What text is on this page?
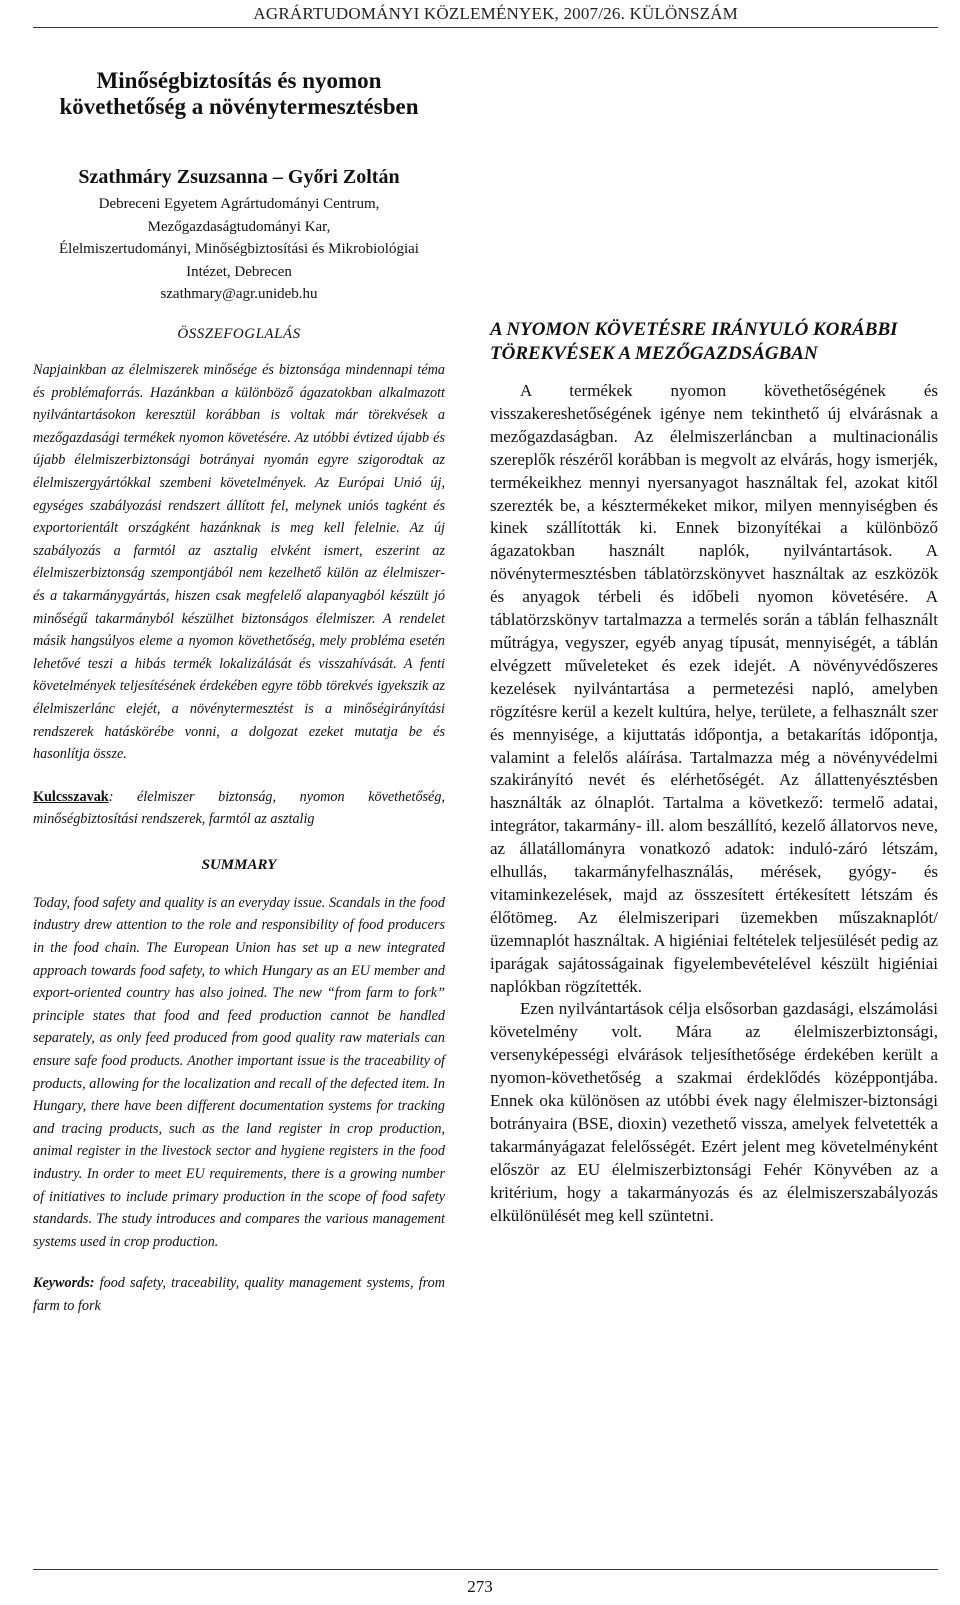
AGRÁRTUDOMÁNYI KÖZLEMÉNYEK, 2007/26. KÜLÖNSZÁM
Minőségbiztosítás és nyomon követhetőség a növénytermesztésben
Szathmáry Zsuzsanna – Győri Zoltán
Debreceni Egyetem Agrártudományi Centrum,
Mezőgazdaságtudományi Kar,
Élelmiszertudományi, Minőségbiztosítási és Mikrobiológiai
Intézet, Debrecen
szathmary@agr.unideb.hu
ÖSSZEFOGLALÁS

Napjainkban az élelmiszerek minősége és biztonsága mindennapi téma és problémaforrás. Hazánkban a különböző ágazatokban alkalmazott nyilvántartásokon keresztül korábban is voltak már törekvések a mezőgazdasági termékek nyomon követésére. Az utóbbi évtized újabb és újabb élelmiszerbiztonsági botrányai nyomán egyre szigorodtak az élelmiszergyártókkal szembeni követelmények. Az Európai Unió új, egységes szabályozási rendszert állított fel, melynek uniós tagként és exportorientált országként hazánknak is meg kell felelnie. Az új szabályozás a farmtól az asztalig elvként ismert, eszerint az élelmiszerbiztonság szempontjából nem kezelhető külön az élelmiszer- és a takarmánygyártás, hiszen csak megfelelő alapanyagból készült jó minőségű takarmányból készülhet biztonságos élelmiszer. A rendelet másik hangsúlyos eleme a nyomon követhetőség, mely probléma esetén lehetővé teszi a hibás termék lokalizálását és visszahívását. A fenti követelmények teljesítésének érdekében egyre több törekvés igyekszik az élelmiszerlánc elejét, a növénytermesztést is a minőségirányítási rendszerek hatáskörébe vonni, a dolgozat ezeket mutatja be és hasonlítja össze.

Kulcsszavak: élelmiszer biztonság, nyomon követhetőség, minőségbiztosítási rendszerek, farmtól az asztalig

SUMMARY

Today, food safety and quality is an everyday issue. Scandals in the food industry drew attention to the role and responsibility of food producers in the food chain. The European Union has set up a new integrated approach towards food safety, to which Hungary as an EU member and export-oriented country has also joined. The new “from farm to fork” principle states that food and feed production cannot be handled separately, as only feed produced from good quality raw materials can ensure safe food products. Another important issue is the traceability of products, allowing for the localization and recall of the defected item. In Hungary, there have been different documentation systems for tracking and tracing products, such as the land register in crop production, animal register in the livestock sector and hygiene registers in the food industry. In order to meet EU requirements, there is a growing number of initiatives to include primary production in the scope of food safety standards. The study introduces and compares the various management systems used in crop production.

Keywords: food safety, traceability, quality management systems, from farm to fork

A NYOMON KÖVETÉSRE IRÁNYULÓ KORÁBBI TÖREKVÉSEK A MEZŐGAZDSÁGBAN

A termékek nyomon követhetőségének és visszakereshetőségének igénye nem tekinthető új elvárásnak a mezőgazdaságban. Az élelmiszerláncban a multinacionális szereplők részéről korábban is megvolt az elvárás, hogy ismerjék, termékeikhez mennyi nyersanyagot használtak fel, azokat kitől szerezték be, a késztermékeket mikor, milyen mennyiségben és kinek szállították ki. Ennek bizonyítékai a különböző ágazatokban használt naplók, nyilvántartások. A növénytermesztésben táblatörzskönyvet használtak az eszközök és anyagok térbeli és időbeli nyomon követésére. A táblatörzskönyv tartalmazza a termelés során a táblán felhasznált műtrágya, vegyszer, egyéb anyag típusát, mennyiségét, a táblán elvégzett műveleteket és ezek idejét. A növényvédőszeres kezelések nyilvántartása a permetezési napló, amelyben rögzítésre kerül a kezelt kultúra, helye, területe, a felhasznált szer és mennyisége, a kijuttatás időpontja, a betakarítás időpontja, valamint a felelős aláírása. Tartalmazza még a növényvédelmi szakirányító nevét és elérhetőségét. Az állattenyésztésben használták az ólnaplót. Tartalma a következő: termelő adatai, integrátor, takarmány- ill. alom beszállító, kezelő állatorvos neve, az állatállományra vonatkozó adatok: induló-záró létszám, elhullás, takarmányfelhasználás, mérések, gyógy- és vitaminkezelések, majd az összesített értékesített létszám és élőtömeg. Az élelmiszeripari üzemekben műszaknaplót/üzemnaplót használtak. A higiéniai feltételek teljesülését pedig az iparágak sajátosságainak figyelembevételével készült higiéniai naplókban rögzítették.

Ezen nyilvántartások célja elsősorban gazdasági, elszámolási követelmény volt. Mára az élelmiszerbiztonsági, versenyképességi elvárások teljesíthetősége érdekében került a nyomon-követhetőség a szakmai érdeklődés középpontjába. Ennek oka különösen az utóbbi évek nagy élelmiszer-biztonsági botrányaira (BSE, dioxin) vezethető vissza, amelyek felvetették a takarmányágazat felelősségét. Ezért jelent meg követelményként először az EU élelmiszerbiztonsági Fehér Könyvében az a kritérium, hogy a takarmányozás és az élelmiszerszabályozás elkülönülését meg kell szüntetni.

273
